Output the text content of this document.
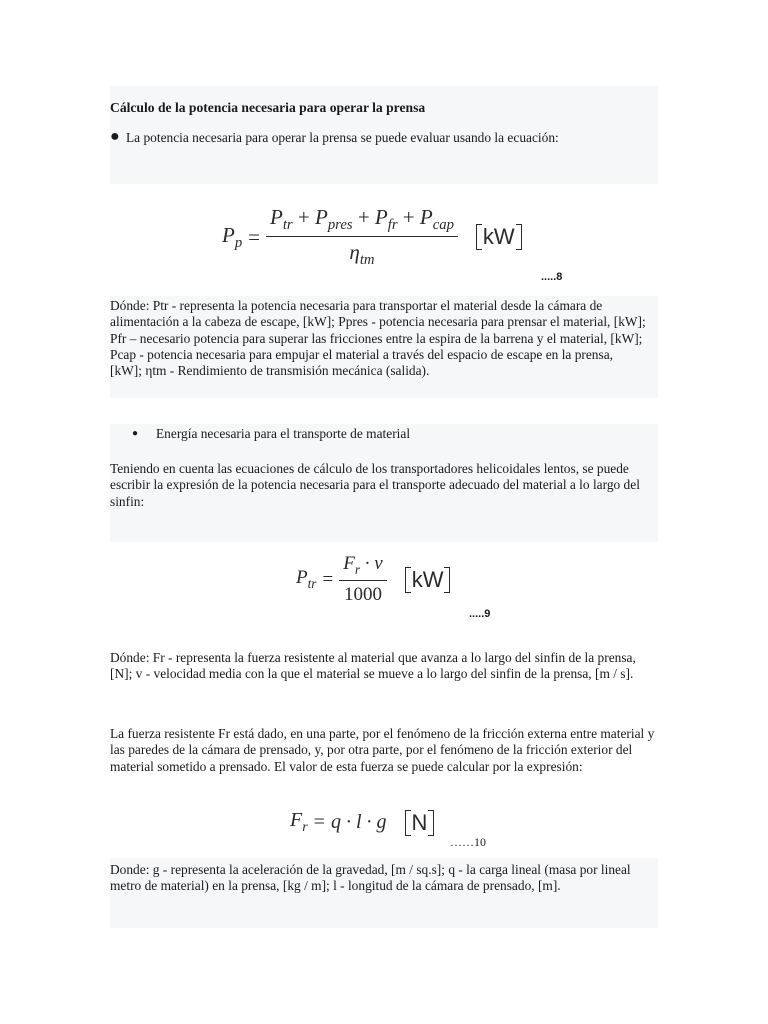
Cálculo de la potencia necesaria para operar la prensa

● La potencia necesaria para operar la prensa se puede evaluar usando la ecuación:
$P_p = \frac{P_{tr} + P_{pres} + P_{fr} + P_{cap}}{\eta_{tm}}$	kW
.....8

Dónde: Ptr - representa la potencia necesaria para transportar el material desde la cámara de alimentación a la cabeza de escape, [kW]; Ppres - potencia necesaria para prensar el material, [kW]; Pfr – necesario potencia para superar las fricciones entre la espira de la barrena y el material, [kW]; Pcap - potencia necesaria para empujar el material a través del espacio de escape en la prensa, [kW]; ηtm - Rendimiento de transmisión mecánica (salida).

●	Energía necesaria para el transporte de material

Teniendo en cuenta las ecuaciones de cálculo de los transportadores helicoidales lentos, se puede escribir la expresión de la potencia necesaria para el transporte adecuado del material a lo largo del sinfin:

$P_{tr} = \frac{F_r \cdot v}{1000}$	kW
.....9

Dónde: Fr - representa la fuerza resistente al material que avanza a lo largo del sinfin de la prensa, [N]; v - velocidad media con la que el material se mueve a lo largo del sinfin de la prensa, [m / s].

La fuerza resistente Fr está dado, en una parte, por el fenómeno de la fricción externa entre material y las paredes de la cámara de prensado, y, por otra parte, por el fenómeno de la fricción exterior del material sometido a prensado. El valor de esta fuerza se puede calcular por la expresión:

$F_r = q \cdot l \cdot g$	N
……10

Donde: g - representa la aceleración de la gravedad, [m / sq.s]; q - la carga lineal (masa por lineal metro de material) en la prensa, [kg / m]; l - longitud de la cámara de prensado, [m].
